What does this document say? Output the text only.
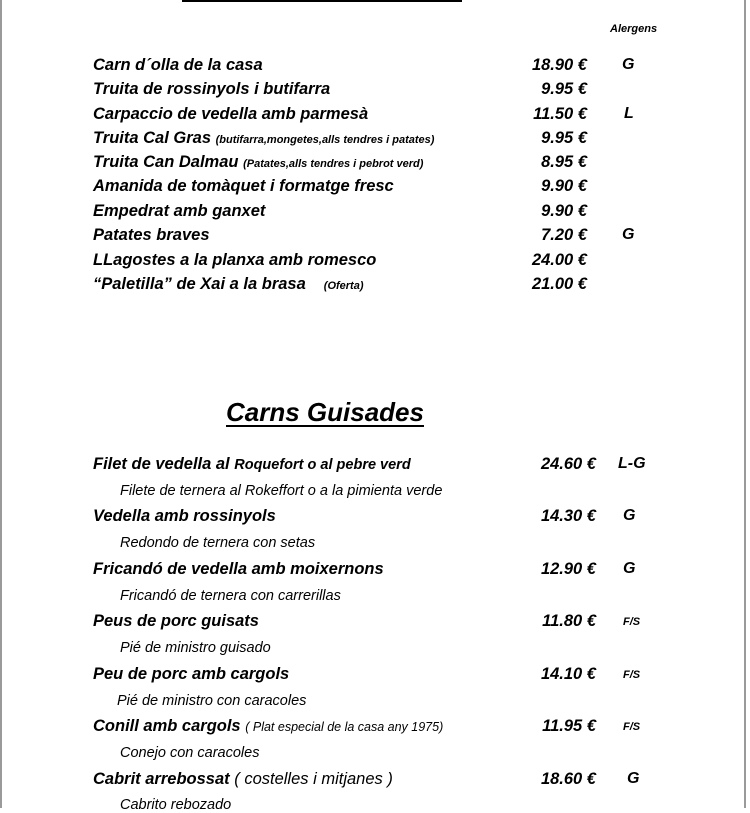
Alergens
Carn d´olla de la casa	18.90 € G
Truita de rossinyols i butifarra	9.95 €
Carpaccio de vedella amb parmesà	11.50 € L
Truita Cal Gras (butifarra,mongetes,alls tendres i patates)	9.95 €
Truita Can Dalmau (Patates,alls tendres i pebrot verd)	8.95 €
Amanida de tomàquet i formatge fresc	9.90 €
Empedrat amb ganxet	9.90 €
Patates braves	7.20 € G
LLagostes a la planxa amb romesco	24.00 €
“Paletilla” de Xai a la brasa (Oferta)	21.00 €
Carns Guisades
Filet de vedella al Roquefort o al pebre verd	24.60 € L-G
Filete de ternera al Rokeffort o a la pimienta verde
Vedella amb rossinyols	14.30 € G
Redondo de ternera con setas
Fricandó de vedella amb moixernons	12.90 € G
Fricandó de ternera con carrerillas
Peus de porc guisats	11.80 € F/S
Pié de ministro guisado
Peu de porc amb cargols	14.10 € F/S
Pié de ministro con caracoles
Conill amb cargols ( Plat especial de la casa any 1975)	11.95 € F/S
Conejo con caracoles
Cabrit arrebossat ( costelles i mitjanes )	18.60 € G
Cabrito rebozado
